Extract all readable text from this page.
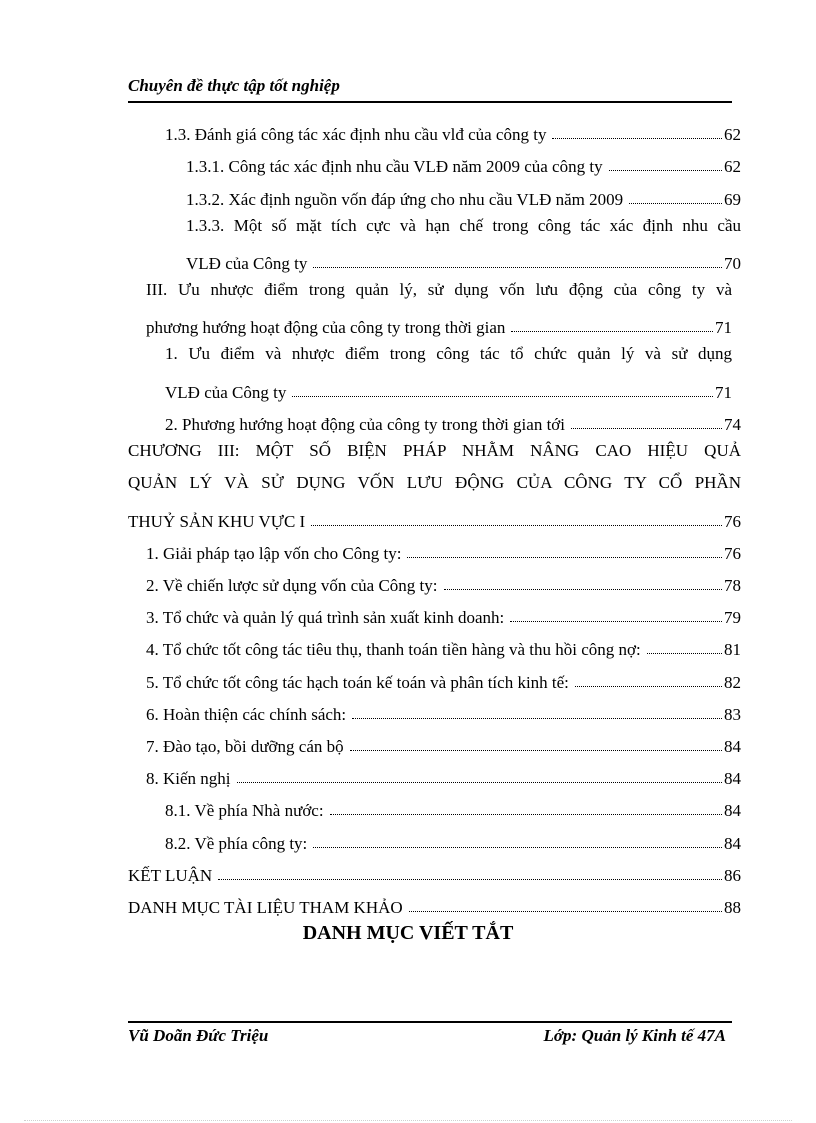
Chuyên đề thực tập tốt nghiệp
1.3. Đánh giá công tác xác định nhu cầu vlđ của công ty	62
1.3.1. Công tác xác định nhu cầu VLĐ năm 2009 của công ty	62
1.3.2. Xác định nguồn vốn đáp ứng cho nhu cầu VLĐ năm 2009	69
1.3.3. Một số mặt tích cực và hạn chế trong công tác xác định nhu cầu
VLĐ của Công ty	70
III. Ưu nhược điểm trong quản lý, sử dụng vốn lưu động của công ty và
phương hướng hoạt động của công ty trong thời gian	71
1. Ưu điểm và nhược điểm trong công tác tổ chức quản lý và sử dụng
VLĐ của Công ty	71
2. Phương hướng hoạt động của công ty trong thời gian tới	74
CHƯƠNG III: MỘT SỐ BIỆN PHÁP NHẰM NÂNG CAO HIỆU QUẢ
QUẢN LÝ VÀ SỬ DỤNG VỐN LƯU ĐỘNG CỦA CÔNG TY CỔ PHẦN
THUỶ SẢN KHU VỰC I	76
1. Giải pháp tạo lập vốn cho Công ty:	76
2. Về chiến lược sử dụng vốn của Công ty:	78
3. Tổ chức và quản lý quá trình sản xuất kinh doanh:	79
4. Tổ chức tốt công tác tiêu thụ, thanh toán tiền hàng và thu hồi công nợ:	81
5. Tổ chức tốt công tác hạch toán kế toán và phân tích kinh tế:	82
6. Hoàn thiện các chính sách:	83
7. Đào tạo, bồi dưỡng cán bộ	84
8. Kiến nghị	84
8.1. Về phía Nhà nước:	84
8.2. Về phía công ty:	84
KẾT LUẬN	86
DANH MỤC TÀI LIỆU THAM KHẢO	88
DANH MỤC VIẾT TẮT
Vũ Doãn Đức Triệu	Lớp: Quản lý Kinh tế 47A
